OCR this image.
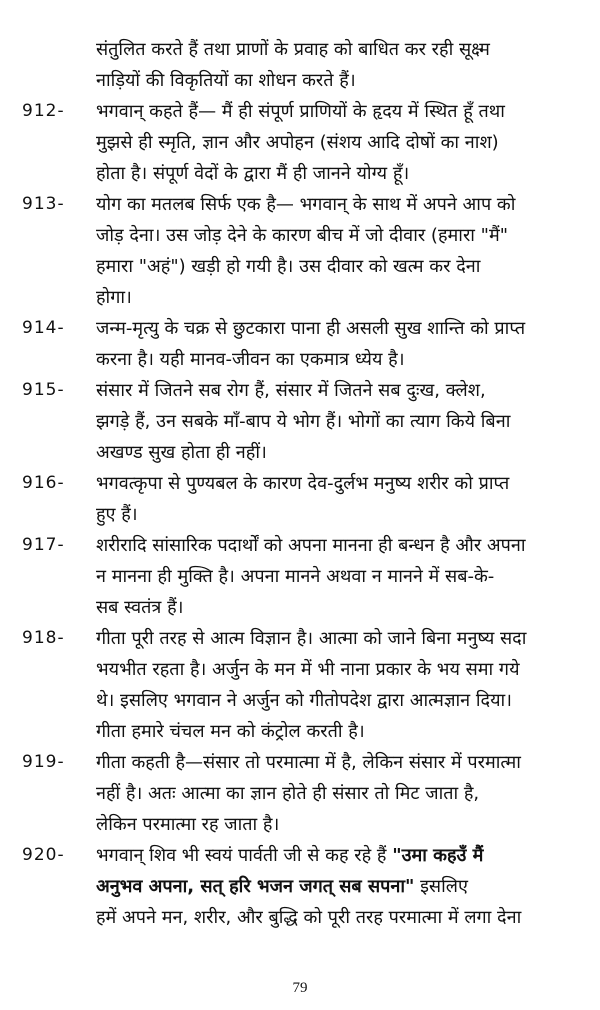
संतुलित करते हैं तथा प्राणों के प्रवाह को बाधित कर रही सूक्ष्म
नाड़ियों की विकृतियों का शोधन करते हैं।
912-	भगवान् कहते हैं— मैं ही संपूर्ण प्राणियों के हृदय में स्थित हूँ तथा
मुझसे ही स्मृति, ज्ञान और अपोहन (संशय आदि दोषों का नाश)
होता है। संपूर्ण वेदों के द्वारा मैं ही जानने योग्य हूँ।
913-	योग का मतलब सिर्फ एक है— भगवान् के साथ में अपने आप को
जोड़ देना। उस जोड़ देने के कारण बीच में जो दीवार (हमारा "मैं"
हमारा "अहं") खड़ी हो गयी है। उस दीवार को खत्म कर देना
होगा।
914-	जन्म-मृत्यु के चक्र से छुटकारा पाना ही असली सुख शान्ति को प्राप्त
करना है। यही मानव-जीवन का एकमात्र ध्येय है।
915-	संसार में जितने सब रोग हैं, संसार में जितने सब दुःख, क्लेश,
झगड़े हैं, उन सबके माँ-बाप ये भोग हैं। भोगों का त्याग किये बिना
अखण्ड सुख होता ही नहीं।
916-	भगवत्कृपा से पुण्यबल के कारण देव-दुर्लभ मनुष्य शरीर को प्राप्त
हुए हैं।
917-	शरीरादि सांसारिक पदार्थों को अपना मानना ही बन्धन है और अपना
न मानना ही मुक्ति है। अपना मानने अथवा न मानने में सब-के-
सब स्वतंत्र हैं।
918-	गीता पूरी तरह से आत्म विज्ञान है। आत्मा को जाने बिना मनुष्य सदा
भयभीत रहता है। अर्जुन के मन में भी नाना प्रकार के भय समा गये
थे। इसलिए भगवान ने अर्जुन को गीतोपदेश द्वारा आत्मज्ञान दिया।
गीता हमारे चंचल मन को कंट्रोल करती है।
919-	गीता कहती है—संसार तो परमात्मा में है, लेकिन संसार में परमात्मा
नहीं है। अतः आत्मा का ज्ञान होते ही संसार तो मिट जाता है,
लेकिन परमात्मा रह जाता है।
920-	भगवान् शिव भी स्वयं पार्वती जी से कह रहे हैं "उमा कहउँ मैं
अनुभव अपना, सत् हरि भजन जगत् सब सपना" इसलिए
हमें अपने मन, शरीर, और बुद्धि को पूरी तरह परमात्मा में लगा देना
79
